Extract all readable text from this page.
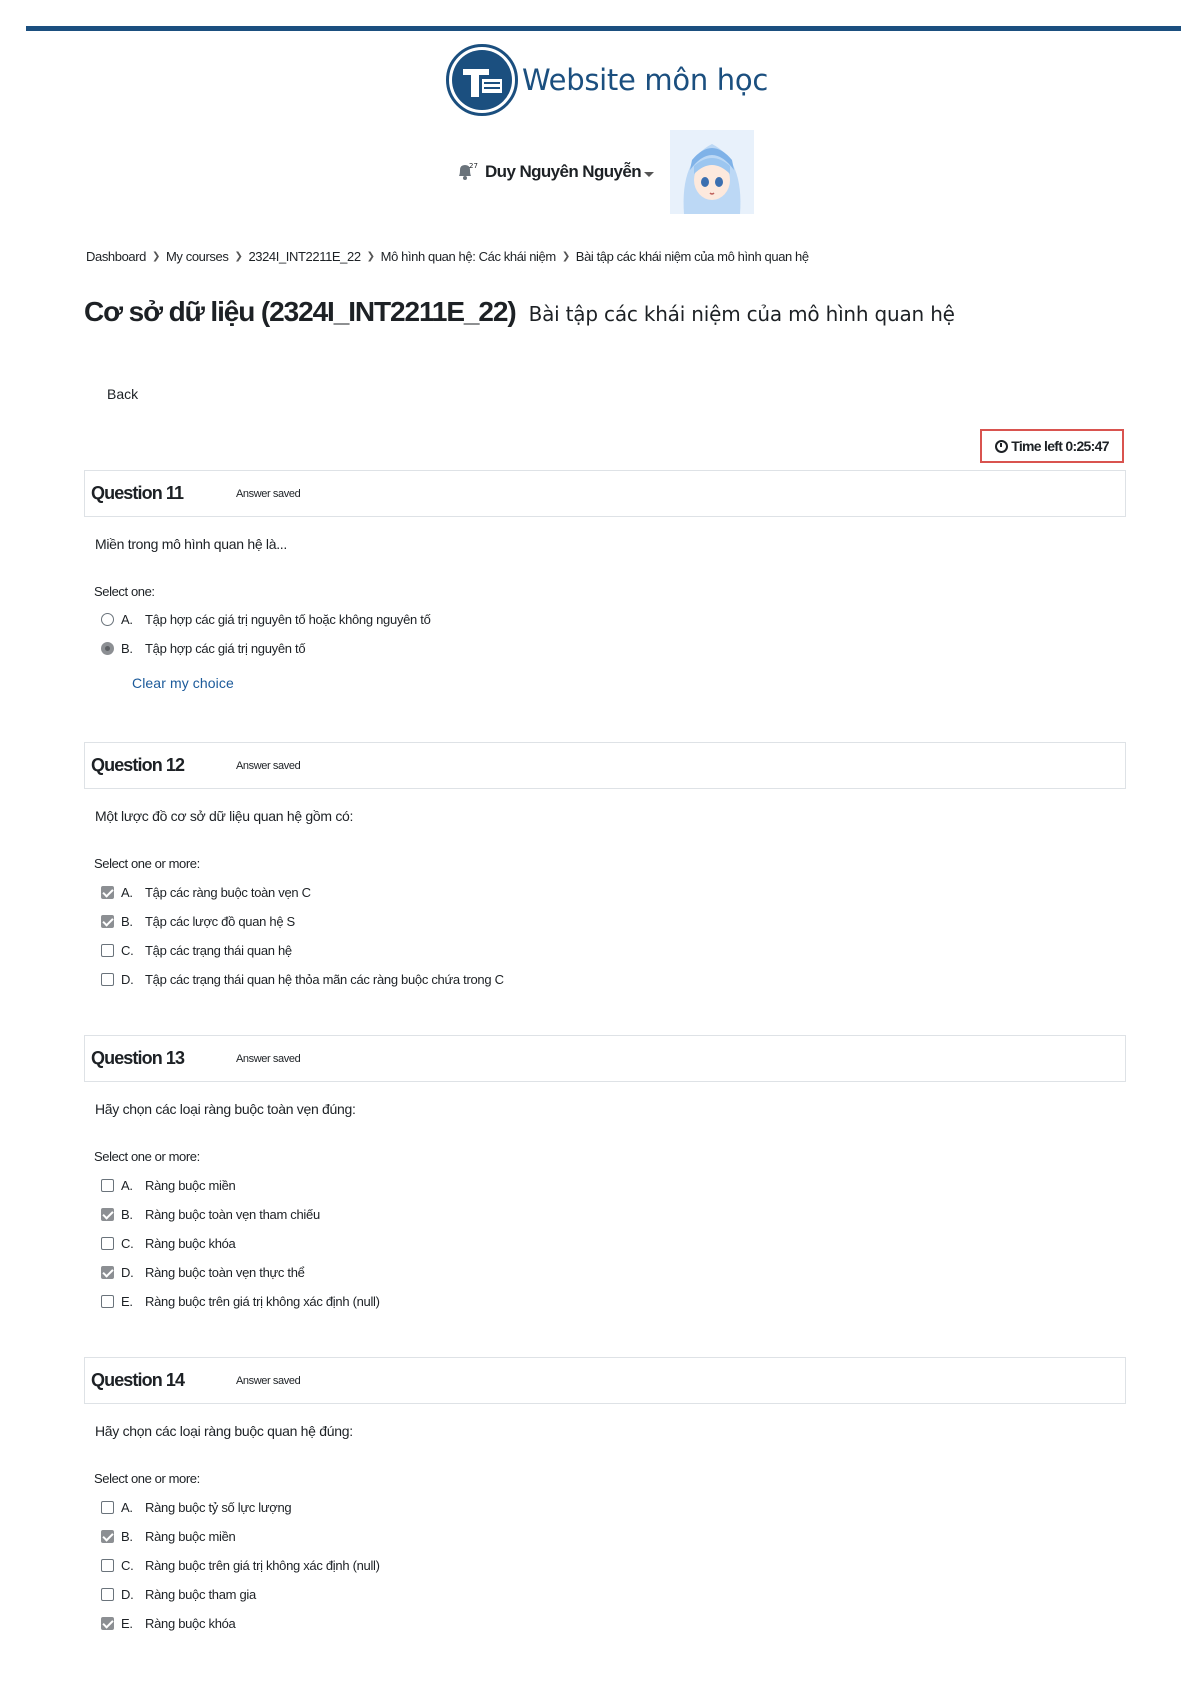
Website môn học
27 Duy Nguyên Nguyễn
Dashboard ❯ My courses ❯ 2324I_INT2211E_22 ❯ Mô hình quan hệ: Các khái niệm ❯ Bài tập các khái niệm của mô hình quan hệ
Cơ sở dữ liệu (2324I_INT2211E_22) Bài tập các khái niệm của mô hình quan hệ
Back
Time left 0:25:47
Question 11	Answer saved
Miền trong mô hình quan hệ là...
Select one:
A. Tập hợp các giá trị nguyên tố hoặc không nguyên tố
B. Tập hợp các giá trị nguyên tố
Clear my choice
Question 12	Answer saved
Một lược đồ cơ sở dữ liệu quan hệ gồm có:
Select one or more:
A. Tập các ràng buộc toàn vẹn C
B. Tập các lược đồ quan hệ S
C. Tập các trạng thái quan hệ
D. Tập các trạng thái quan hệ thỏa mãn các ràng buộc chứa trong C
Question 13	Answer saved
Hãy chọn các loại ràng buộc toàn vẹn đúng:
Select one or more:
A. Ràng buộc miền
B. Ràng buộc toàn vẹn tham chiếu
C. Ràng buộc khóa
D. Ràng buộc toàn vẹn thực thể
E. Ràng buộc trên giá trị không xác định (null)
Question 14	Answer saved
Hãy chọn các loại ràng buộc quan hệ đúng:
Select one or more:
A. Ràng buộc tỷ số lực lượng
B. Ràng buộc miền
C. Ràng buộc trên giá trị không xác định (null)
D. Ràng buộc tham gia
E. Ràng buộc khóa
